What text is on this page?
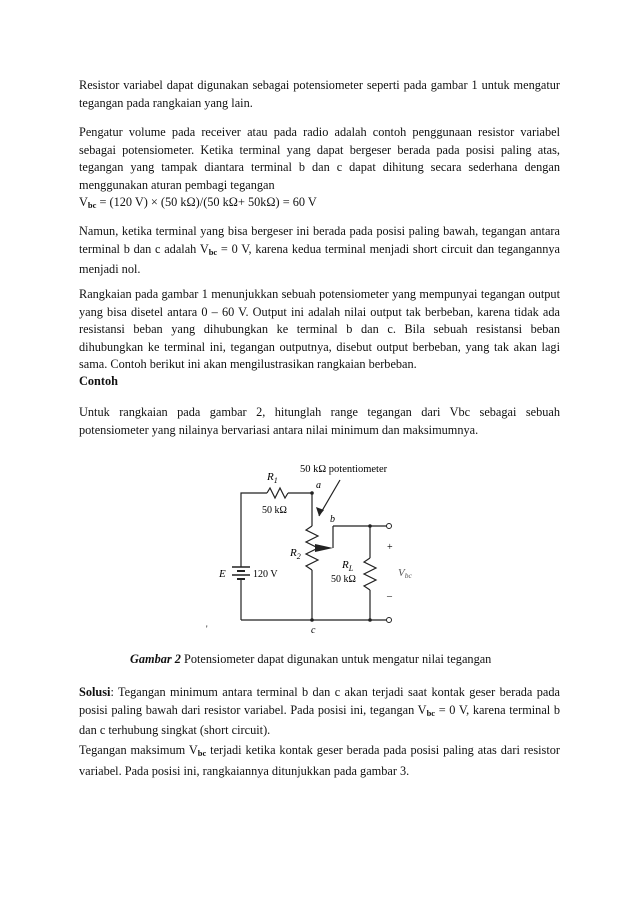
Resistor variabel dapat digunakan sebagai potensiometer seperti pada gambar 1 untuk mengatur tegangan pada rangkaian yang lain.
Pengatur volume pada receiver atau pada radio adalah contoh penggunaan resistor variabel sebagai potensiometer. Ketika terminal yang dapat bergeser berada pada posisi paling atas, tegangan yang tampak diantara terminal b dan c dapat dihitung secara sederhana dengan menggunakan aturan pembagi tegangan
$V_{bc} = (120$ V) × (50 kΩ)/(50 kΩ+ 50kΩ) = 60 V
Namun, ketika terminal yang bisa bergeser ini berada pada posisi paling bawah, tegangan antara terminal b dan c adalah $V_{bc} = 0$ V, karena kedua terminal menjadi short circuit dan tegangannya menjadi nol.
Rangkaian pada gambar 1 menunjukkan sebuah potensiometer yang mempunyai tegangan output yang bisa disetel antara 0 – 60 V. Output ini adalah nilai output tak berbeban, karena tidak ada resistansi beban yang dihubungkan ke terminal b dan c. Bila sebuah resistansi beban dihubungkan ke terminal ini, tegangan outputnya, disebut output berbeban, yang tak akan lagi sama. Contoh berikut ini akan mengilustrasikan rangkaian berbeban.
Contoh
Untuk rangkaian pada gambar 2, hitunglah range tegangan dari Vbc sebagai sebuah potensiometer yang nilainya bervariasi antara nilai minimum dan maksimumnya.
50 kΩ potentiometer
$R_1$
50 kΩ
a
b
c
$R_2$
$R_L$
50 kΩ
E	120 V
+
–
Vbc
'
Gambar 2 Potensiometer dapat digunakan untuk mengatur nilai tegangan
Solusi: Tegangan minimum antara terminal b dan c akan terjadi saat kontak geser berada pada posisi paling bawah dari resistor variabel. Pada posisi ini, tegangan $V_{bc} = 0$ V, karena terminal b dan c terhubung singkat (short circuit).
Tegangan maksimum $V_{bc}$ terjadi ketika kontak geser berada pada posisi paling atas dari resistor variabel. Pada posisi ini, rangkaiannya ditunjukkan pada gambar 3.
